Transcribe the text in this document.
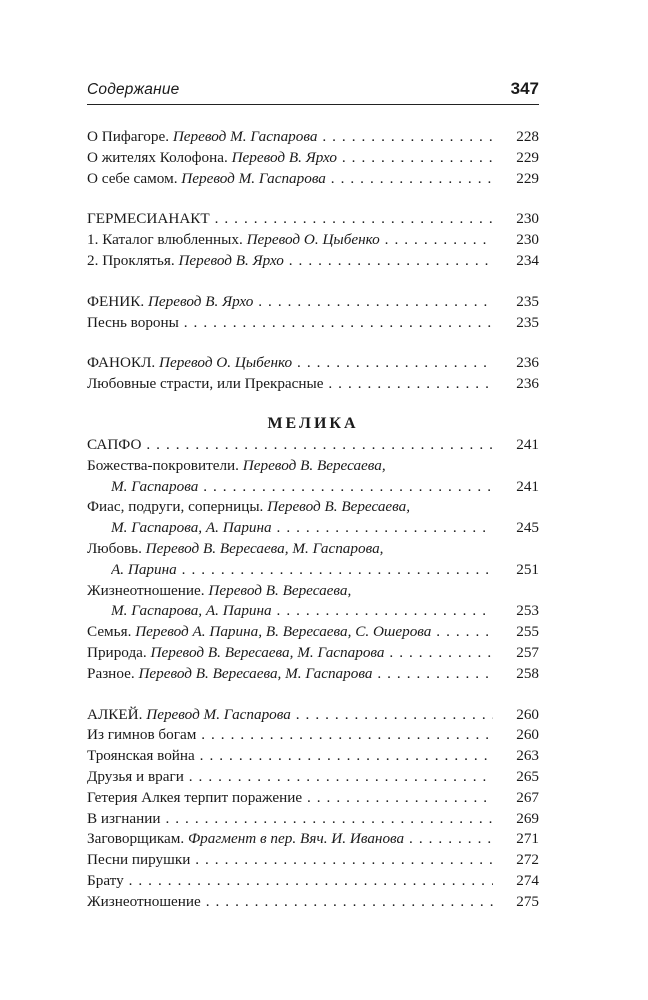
Содержание	347
О Пифагоре. Перевод М. Гаспарова . . .	228
О жителях Колофона. Перевод В. Ярхо . . .	229
О себе самом. Перевод М. Гаспарова . . .	229
ГЕРМЕСИАНАКТ . . .	230
1. Каталог влюбленных. Перевод О. Цыбенко . . .	230
2. Проклятья. Перевод В. Ярхо . . .	234
ФЕНИК. Перевод В. Ярхо . . .	235
Песнь вороны . . .	235
ФАНОКЛ. Перевод О. Цыбенко . . .	236
Любовные страсти, или Прекрасные . . .	236
МЕЛИКА
САПФО . . .	241
Божества-покровители. Перевод В. Вересаева,
М. Гаспарова . . .	241
Фиас, подруги, соперницы. Перевод В. Вересаева,
М. Гаспарова, А. Парина . . .	245
Любовь. Перевод В. Вересаева, М. Гаспарова,
А. Парина . . .	251
Жизнеотношение. Перевод В. Вересаева,
М. Гаспарова, А. Парина . . .	253
Семья. Перевод А. Парина, В. Вересаева, С. Ошерова . . .	255
Природа. Перевод В. Вересаева, М. Гаспарова . . .	257
Разное. Перевод В. Вересаева, М. Гаспарова . . .	258
АЛКЕЙ. Перевод М. Гаспарова . . .	260
Из гимнов богам . . .	260
Троянская война . . .	263
Друзья и враги . . .	265
Гетерия Алкея терпит поражение . . .	267
В изгнании . . .	269
Заговорщикам. Фрагмент в пер. Вяч. И. Иванова . . .	271
Песни пирушки . . .	272
Брату . . .	274
Жизнеотношение . . .	275
